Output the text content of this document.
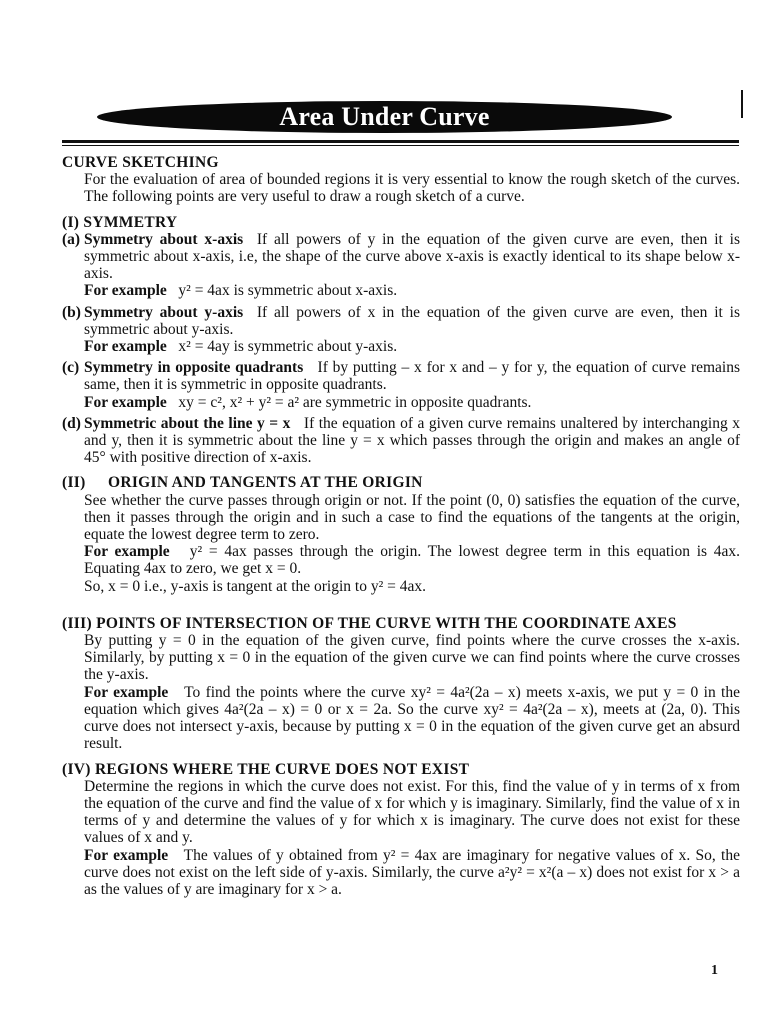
Area Under Curve
CURVE SKETCHING
For the evaluation of area of bounded regions it is very essential to know the rough sketch of the curves. The following points are very useful to draw a rough sketch of a curve.
(I) SYMMETRY
(a) Symmetry about x-axis If all powers of y in the equation of the given curve are even, then it is symmetric about x-axis, i.e, the shape of the curve above x-axis is exactly identical to its shape below x-axis.
For example y² = 4ax is symmetric about x-axis.
(b) Symmetry about y-axis If all powers of x in the equation of the given curve are even, then it is symmetric about y-axis.
For example x² = 4ay is symmetric about y-axis.
(c) Symmetry in opposite quadrants If by putting – x for x and – y for y, the equation of curve remains same, then it is symmetric in opposite quadrants.
For example xy = c², x² + y² = a² are symmetric in opposite quadrants.
(d) Symmetric about the line y = x If the equation of a given curve remains unaltered by interchanging x and y, then it is symmetric about the line y = x which passes through the origin and makes an angle of 45° with positive direction of x-axis.
(II) ORIGIN AND TANGENTS AT THE ORIGIN
See whether the curve passes through origin or not. If the point (0, 0) satisfies the equation of the curve, then it passes through the origin and in such a case to find the equations of the tangents at the origin, equate the lowest degree term to zero.
For example y² = 4ax passes through the origin. The lowest degree term in this equation is 4ax. Equating 4ax to zero, we get x = 0.
So, x = 0 i.e., y-axis is tangent at the origin to y² = 4ax.
(III) POINTS OF INTERSECTION OF THE CURVE WITH THE COORDINATE AXES
By putting y = 0 in the equation of the given curve, find points where the curve crosses the x-axis. Similarly, by putting x = 0 in the equation of the given curve we can find points where the curve crosses the y-axis.
For example To find the points where the curve xy² = 4a²(2a – x) meets x-axis, we put y = 0 in the equation which gives 4a²(2a – x) = 0 or x = 2a. So the curve xy² = 4a²(2a – x), meets at (2a, 0). This curve does not intersect y-axis, because by putting x = 0 in the equation of the given curve get an absurd result.
(IV) REGIONS WHERE THE CURVE DOES NOT EXIST
Determine the regions in which the curve does not exist. For this, find the value of y in terms of x from the equation of the curve and find the value of x for which y is imaginary. Similarly, find the value of x in terms of y and determine the values of y for which x is imaginary. The curve does not exist for these values of x and y.
For example The values of y obtained from y² = 4ax are imaginary for negative values of x. So, the curve does not exist on the left side of y-axis. Similarly, the curve a²y² = x²(a – x) does not exist for x > a as the values of y are imaginary for x > a.
1
